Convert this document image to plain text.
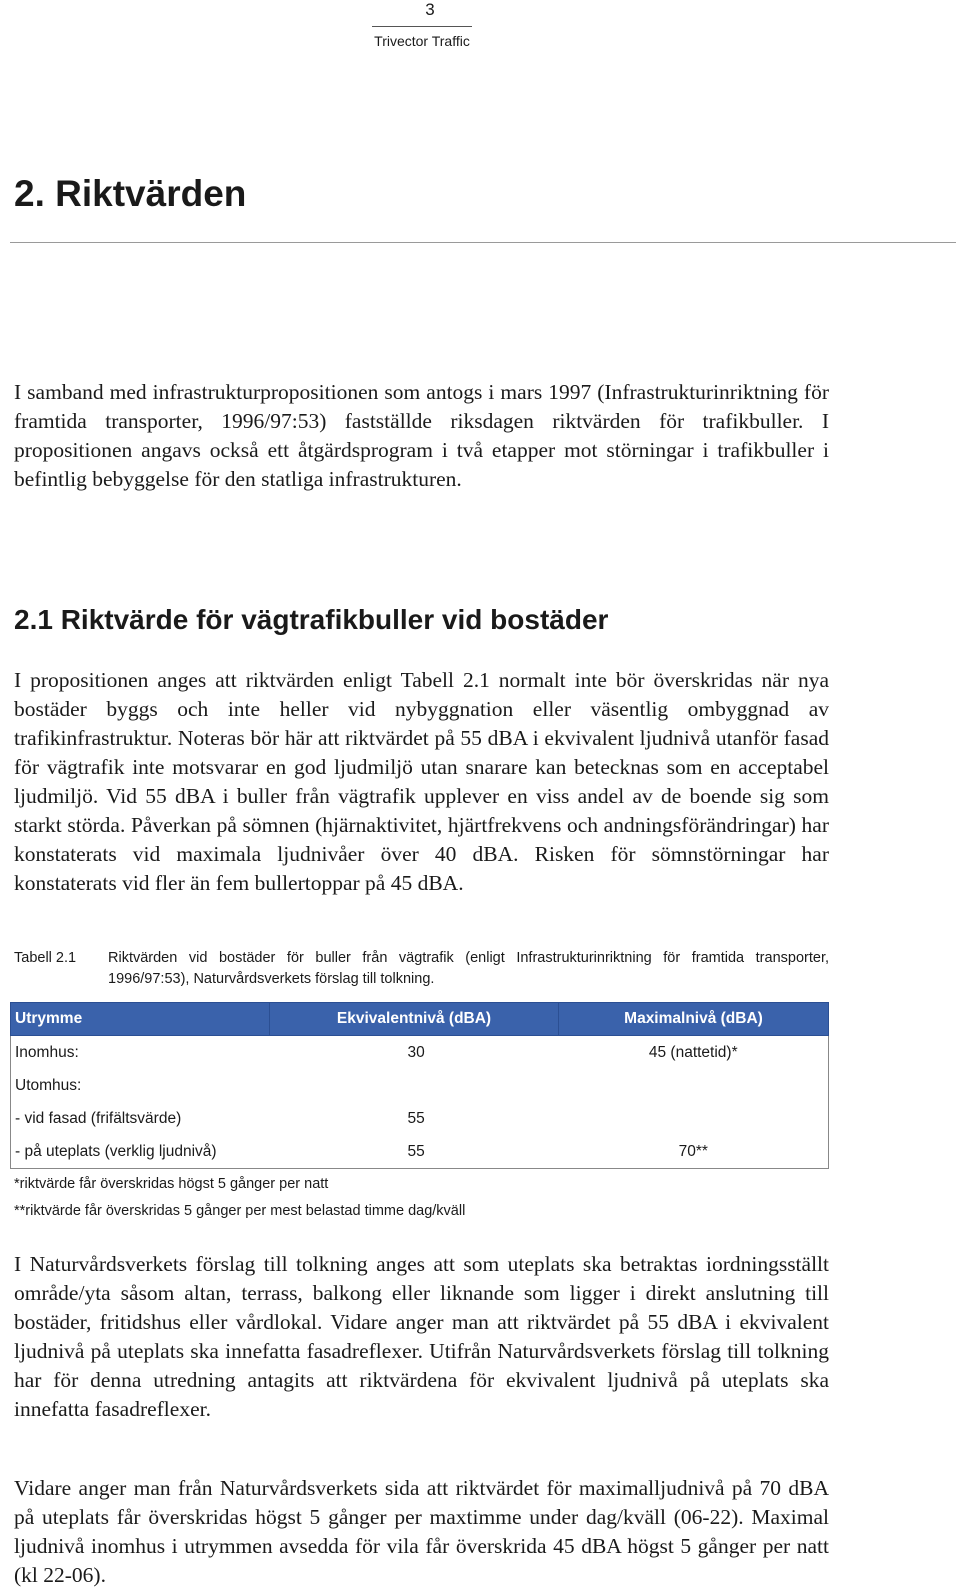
3
Trivector Traffic
2. Riktvärden

I samband med infrastrukturpropositionen som antogs i mars 1997 (Infrastrukturinriktning för framtida transporter, 1996/97:53) fastställde riksdagen riktvärden för trafikbuller. I propositionen angavs också ett åtgärdsprogram i två etapper mot störningar i trafikbuller i befintlig bebyggelse för den statliga infrastrukturen.

2.1 Riktvärde för vägtrafikbuller vid bostäder

I propositionen anges att riktvärden enligt Tabell 2.1 normalt inte bör överskridas när nya bostäder byggs och inte heller vid nybyggnation eller väsentlig ombyggnad av trafikinfrastruktur. Noteras bör här att riktvärdet på 55 dBA i ekvivalent ljudnivå utanför fasad för vägtrafik inte motsvarar en god ljudmiljö utan snarare kan betecknas som en acceptabel ljudmiljö. Vid 55 dBA i buller från vägtrafik upplever en viss andel av de boende sig som starkt störda. Påverkan på sömnen (hjärnaktivitet, hjärtfrekvens och andningsförändringar) har konstaterats vid maximala ljudnivåer över 40 dBA. Risken för sömnstörningar har konstaterats vid fler än fem bullertoppar på 45 dBA.

Tabell 2.1 Riktvärden vid bostäder för buller från vägtrafik (enligt Infrastrukturinriktning för framtida transporter, 1996/97:53), Naturvårdsverkets förslag till tolkning.
Utrymme	Ekvivalentnivå (dBA)	Maximalnivå (dBA)
Inomhus:	30	45 (nattetid)*
Utomhus:		
- vid fasad (frifältsvärde)	55	
- på uteplats (verklig ljudnivå)	55	70**
*riktvärde får överskridas högst 5 gånger per natt
**riktvärde får överskridas 5 gånger per mest belastad timme dag/kväll

I Naturvårdsverkets förslag till tolkning anges att som uteplats ska betraktas iordningsställt område/yta såsom altan, terrass, balkong eller liknande som ligger i direkt anslutning till bostäder, fritidshus eller vårdlokal. Vidare anger man att riktvärdet på 55 dBA i ekvivalent ljudnivå på uteplats ska innefatta fasadreflexer. Utifrån Naturvårdsverkets förslag till tolkning har för denna utredning antagits att riktvärdena för ekvivalent ljudnivå på uteplats ska innefatta fasadreflexer.

Vidare anger man från Naturvårdsverkets sida att riktvärdet för maximalljudnivå på 70 dBA på uteplats får överskridas högst 5 gånger per maxtimme under dag/kväll (06-22). Maximal ljudnivå inomhus i utrymmen avsedda för vila får överskrida 45 dBA högst 5 gånger per natt (kl 22-06).
